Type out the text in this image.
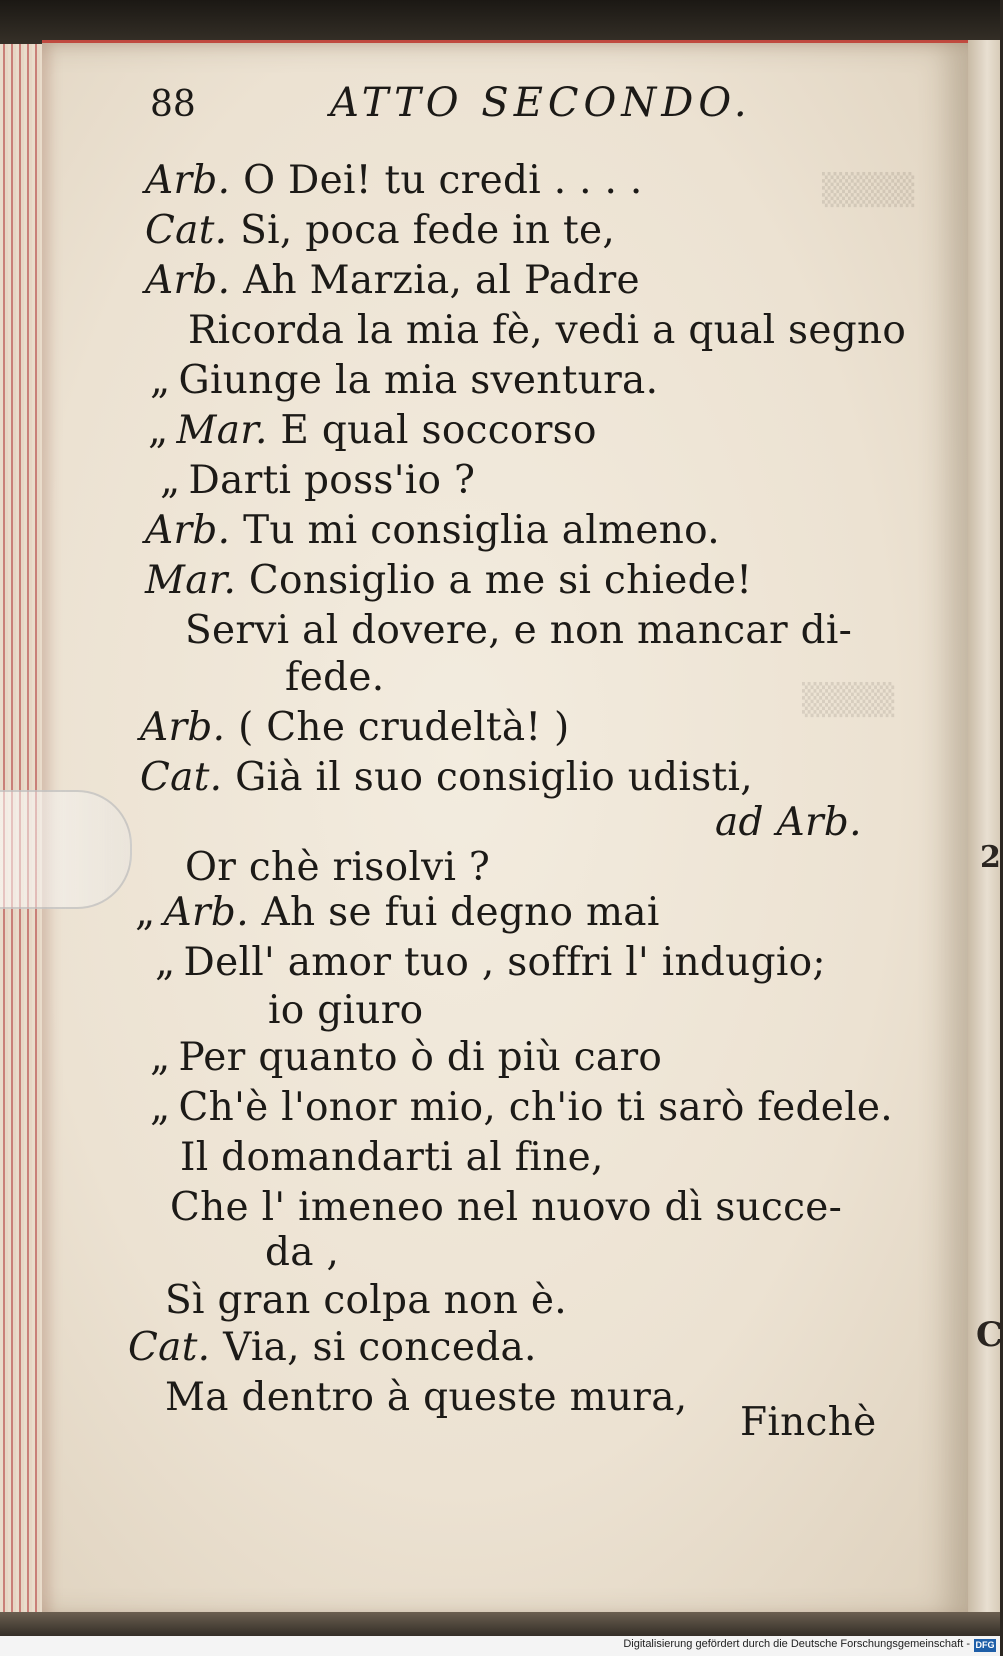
▒▒▒▒
▒▒▒▒
2
C
88	ATTO SECONDO.
Arb. O Dei! tu credi . . . .
Cat. Si, poca fede in te,
Arb. Ah Marzia, al Padre
Ricorda la mia fè, vedi a qual segno
„ Giunge la mia sventura.
„ Mar. E qual soccorso
„ Darti poss'io ?
Arb. Tu mi consiglia almeno.
Mar. Consiglio a me si chiede!
Servi al dovere, e non mancar di-
fede.
Arb. ( Che crudeltà! )
Cat. Già il suo consiglio udisti,
ad Arb.
Or chè risolvi ?
„ Arb. Ah se fui degno mai
„ Dell' amor tuo , soffri l' indugio;
io giuro
„ Per quanto ò di più caro
„ Ch'è l'onor mio, ch'io ti sarò fedele.
Il domandarti al fine,
Che l' imeneo nel nuovo dì succe-
da ,
Sì gran colpa non è.
Cat. Via, si conceda.
Ma dentro à queste mura,
Finchè
Digitalisierung gefördert durch die Deutsche Forschungsgemeinschaft - DFG
